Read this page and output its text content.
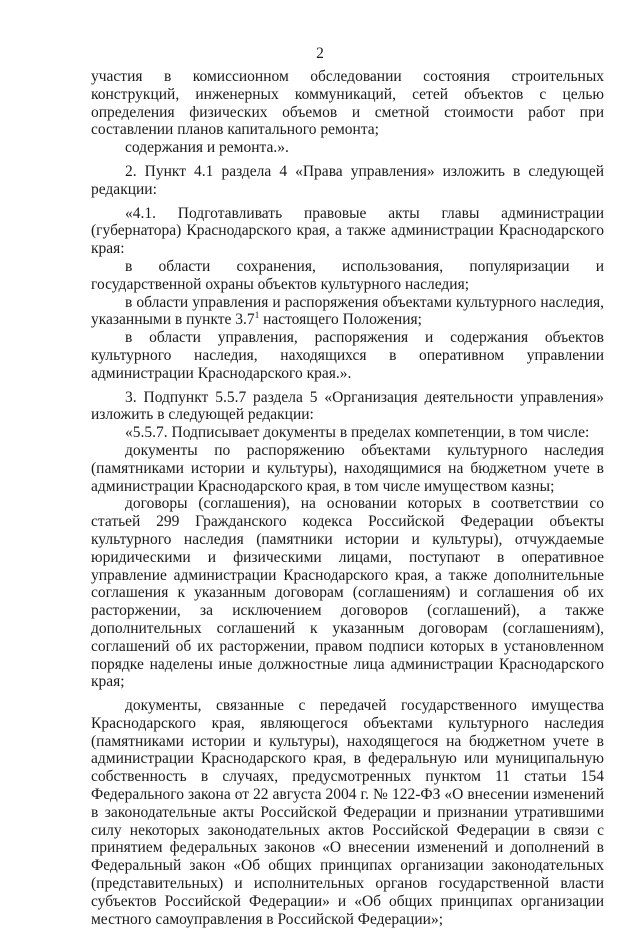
2

участия в комиссионном обследовании состояния строительных конструкций, инженерных коммуникаций, сетей объектов с целью определения физических объемов и сметной стоимости работ при составлении планов капитального ремонта;

содержания и ремонта.».

2. Пункт 4.1 раздела 4 «Права управления» изложить в следующей редакции:

«4.1. Подготавливать правовые акты главы администрации (губернатора) Краснодарского края, а также администрации Краснодарского края:

в области сохранения, использования, популяризации и государственной охраны объектов культурного наследия;

в области управления и распоряжения объектами культурного наследия, указанными в пункте $3.7^1$ настоящего Положения;

в области управления, распоряжения и содержания объектов культурного наследия, находящихся в оперативном управлении администрации Краснодарского края.».

3. Подпункт 5.5.7 раздела 5 «Организация деятельности управления» изложить в следующей редакции:

«5.5.7. Подписывает документы в пределах компетенции, в том числе:

документы по распоряжению объектами культурного наследия (памятниками истории и культуры), находящимися на бюджетном учете в администрации Краснодарского края, в том числе имуществом казны;

договоры (соглашения), на основании которых в соответствии со статьей 299 Гражданского кодекса Российской Федерации объекты культурного наследия (памятники истории и культуры), отчуждаемые юридическими и физическими лицами, поступают в оперативное управление администрации Краснодарского края, а также дополнительные соглашения к указанным договорам (соглашениям) и соглашения об их расторжении, за исключением договоров (соглашений), а также дополнительных соглашений к указанным договорам (соглашениям), соглашений об их расторжении, правом подписи которых в установленном порядке наделены иные должностные лица администрации Краснодарского края;

документы, связанные с передачей государственного имущества Краснодарского края, являющегося объектами культурного наследия (памятниками истории и культуры), находящегося на бюджетном учете в администрации Краснодарского края, в федеральную или муниципальную собственность в случаях, предусмотренных пунктом 11 статьи 154 Федерального закона от 22 августа 2004 г. № 122-ФЗ «О внесении изменений в законодательные акты Российской Федерации и признании утратившими силу некоторых законодательных актов Российской Федерации в связи с принятием федеральных законов «О внесении изменений и дополнений в Федеральный закон «Об общих принципах организации законодательных (представительных) и исполнительных органов государственной власти субъектов Российской Федерации» и «Об общих принципах организации местного самоуправления в Российской Федерации»;
